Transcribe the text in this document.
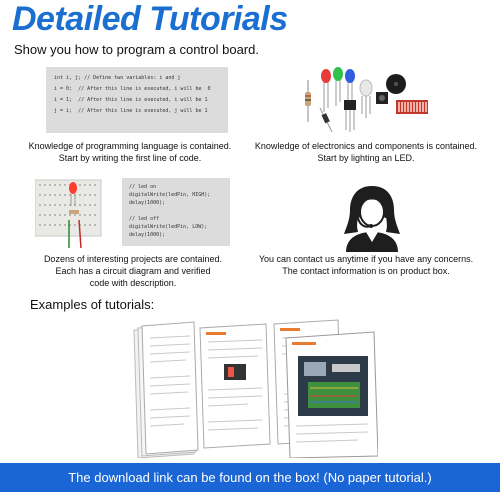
Detailed Tutorials
Show you how to program a control board.
int i, j; // Define two variables: i and j
i = 0;  // After this line is executed, i will be  0
i = 1;  // After this line is executed, i will be 1
j = i;  // After this line is executed, j will be 1
Knowledge of programming language is contained.
Start by writing the first line of code.
Knowledge of electronics and components is contained.
Start by lighting an LED.
// led on
digitalWrite(ledPin, HIGH);
delay(1000);

// led off
digitalWrite(ledPin, LOW);
delay(1000);
Dozens of interesting projects are contained.
Each has a circuit diagram and verified
code with description.
You can contact us anytime if you have any concerns.
The contact information is on product box.
Examples of tutorials:
The download link can be found on the box! (No paper tutorial.)
